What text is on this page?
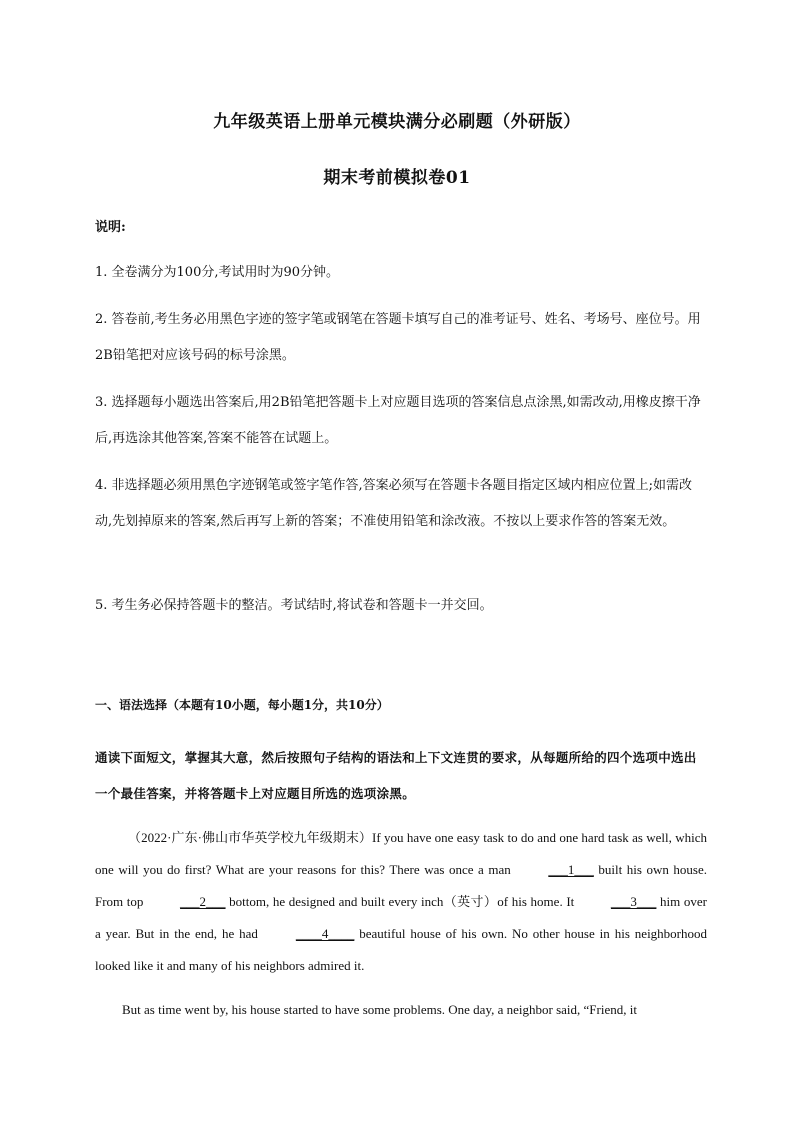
九年级英语上册单元模块满分必刷题（外研版）
期末考前模拟卷01
说明:
1. 全卷满分为100分,考试用时为90分钟。
2. 答卷前,考生务必用黑色字迹的签字笔或钢笔在答题卡填写自己的准考证号、姓名、考场号、座位号。用2B铅笔把对应该号码的标号涂黑。
3. 选择题每小题选出答案后,用2B铅笔把答题卡上对应题目选项的答案信息点涂黑,如需改动,用橡皮擦干净后,再选涂其他答案,答案不能答在试题上。
4. 非选择题必须用黑色字迹钢笔或签字笔作答,答案必须写在答题卡各题目指定区域内相应位置上;如需改动,先划掉原来的答案,然后再写上新的答案；不准使用铅笔和涂改液。不按以上要求作答的答案无效。
5. 考生务必保持答题卡的整洁。考试结时,将试卷和答题卡一并交回。
一、语法选择（本题有10小题，每小题1分，共10分）
通读下面短文，掌握其大意，然后按照句子结构的语法和上下文连贯的要求，从每题所给的四个选项中选出一个最佳答案，并将答题卡上对应题目所选的选项涂黑。
（2022·广东·佛山市华英学校九年级期末）If you have one easy task to do and one hard task as well, which one will you do first? What are your reasons for this? There was once a man	___1___ built his own house. From top	___2___ bottom, he designed and built every inch（英寸）of his home. It	___3___ him over a year. But in the end, he had	____4____ beautiful house of his own. No other house in his neighborhood looked like it and many of his neighbors admired it.
But as time went by, his house started to have some problems. One day, a neighbor said, “Friend, it
